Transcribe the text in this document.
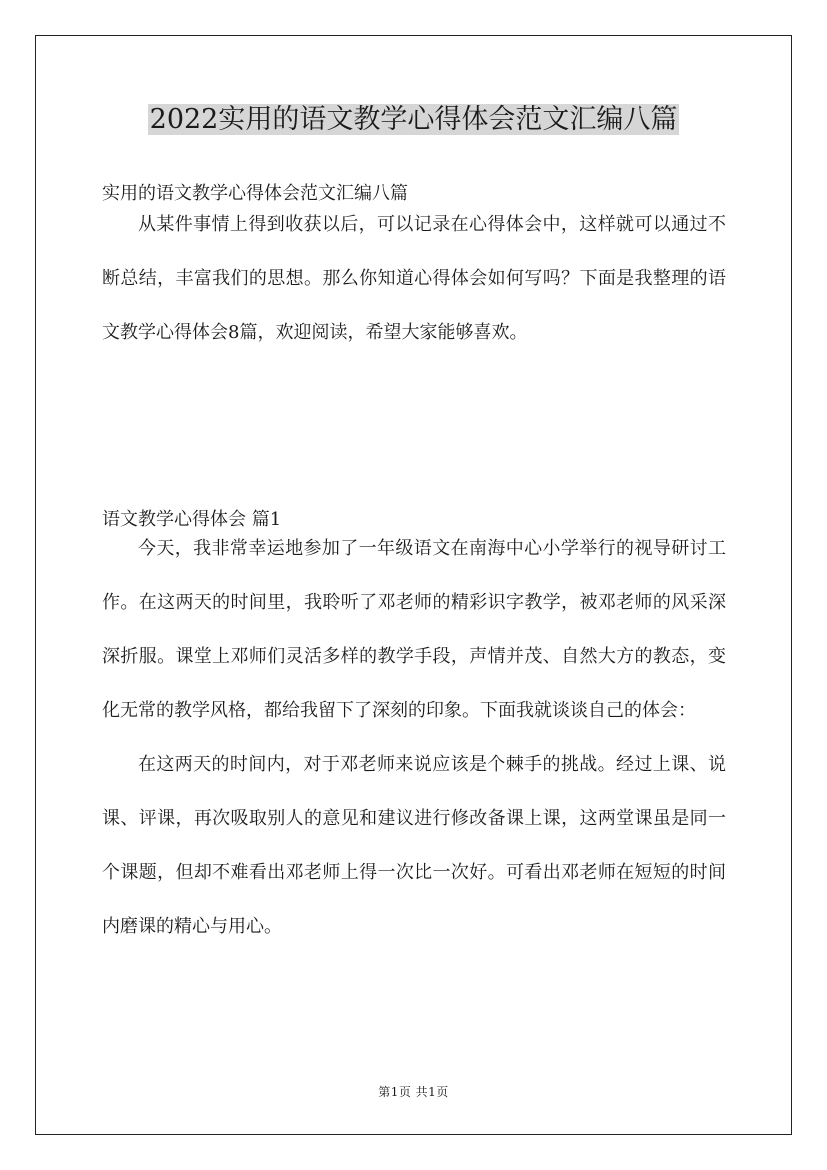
2022实用的语文教学心得体会范文汇编八篇
实用的语文教学心得体会范文汇编八篇

从某件事情上得到收获以后，可以记录在心得体会中，这样就可以通过不断总结，丰富我们的思想。那么你知道心得体会如何写吗？下面是我整理的语文教学心得体会8篇，欢迎阅读，希望大家能够喜欢。

语文教学心得体会 篇1

今天，我非常幸运地参加了一年级语文在南海中心小学举行的视导研讨工作。在这两天的时间里，我聆听了邓老师的精彩识字教学，被邓老师的风采深深折服。课堂上邓师们灵活多样的教学手段，声情并茂、自然大方的教态，变化无常的教学风格，都给我留下了深刻的印象。下面我就谈谈自己的体会：

在这两天的时间内，对于邓老师来说应该是个棘手的挑战。经过上课、说课、评课，再次吸取别人的意见和建议进行修改备课上课，这两堂课虽是同一个课题，但却不难看出邓老师上得一次比一次好。可看出邓老师在短短的时间内磨课的精心与用心。

第1页 共1页
